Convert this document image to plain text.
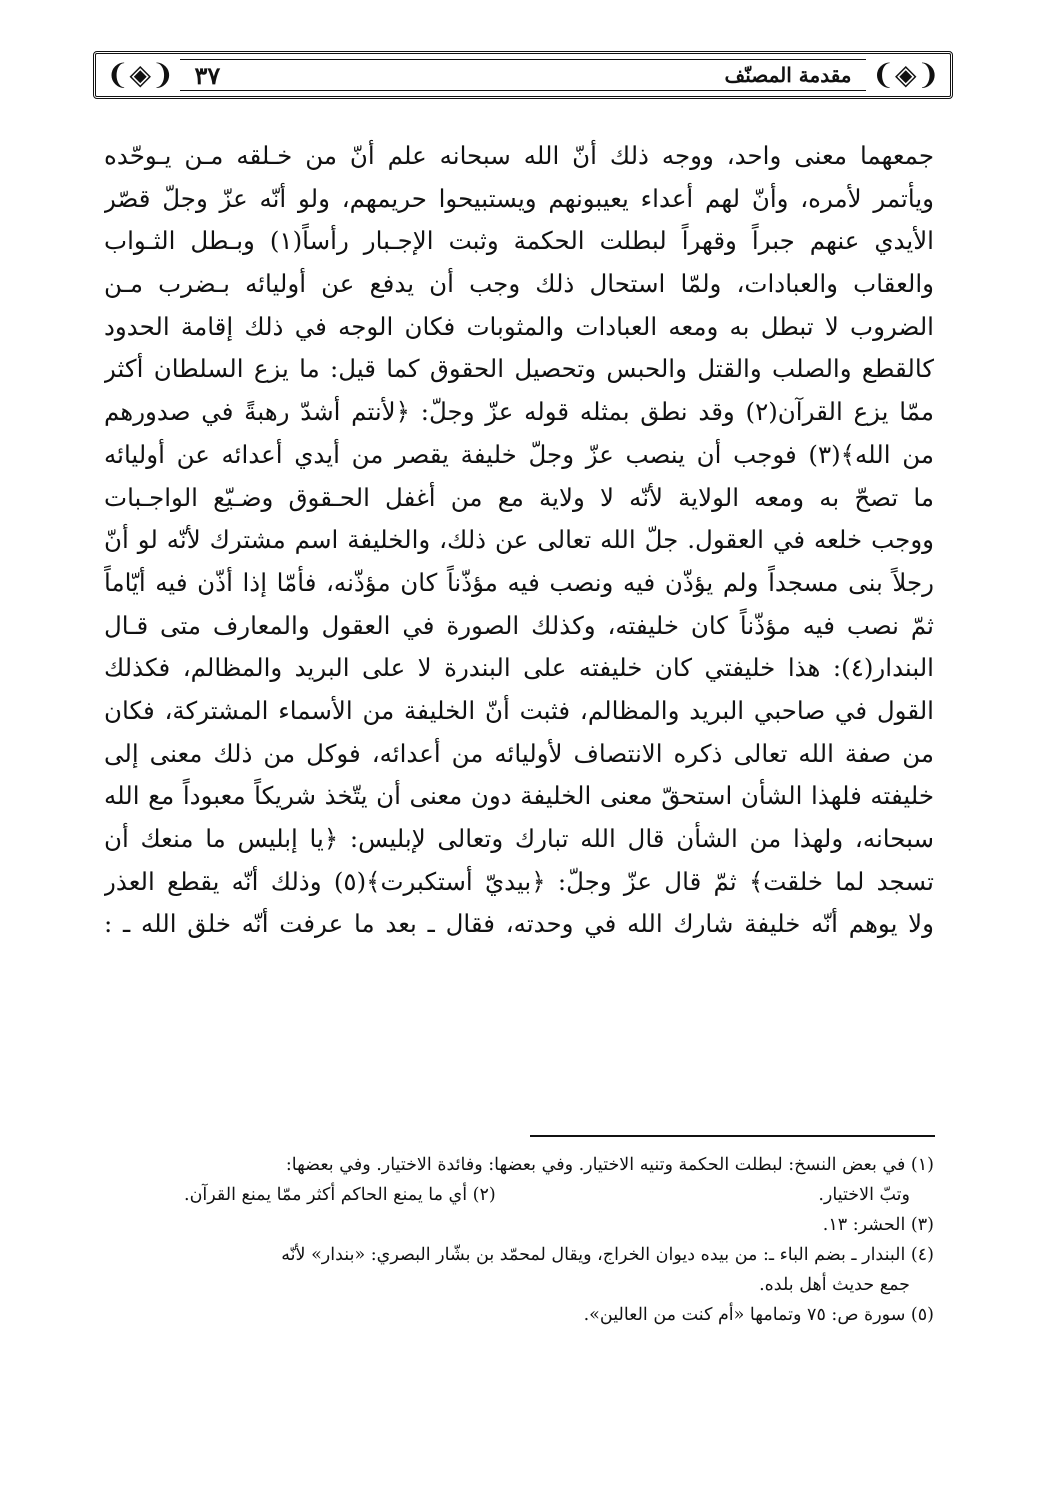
❨◈❩	مقدمة المصنّف
٣٧	❨◈❩
جمعهما معنى واحد، ووجه ذلك أنّ الله سبحانه علم أنّ من خـلقه مـن يـوحّده
ويأتمر لأمره، وأنّ لهم أعداء يعيبونهم ويستبيحوا حريمهم، ولو أنّه عزّ وجلّ قصّر
الأيدي عنهم جبراً وقهراً لبطلت الحكمة وثبت الإجـبار رأساً(١) وبـطل الثـواب
والعقاب والعبادات، ولمّا استحال ذلك وجب أن يدفع عن أوليائه بـضرب مـن
الضروب لا تبطل به ومعه العبادات والمثوبات فكان الوجه في ذلك إقامة الحدود
كالقطع والصلب والقتل والحبس وتحصيل الحقوق كما قيل: ما يزع السلطان أكثر
ممّا يزع القرآن(٢) وقد نطق بمثله قوله عزّ وجلّ: ﴿لأنتم أشدّ رهبةً في صدورهم
من الله﴾(٣) فوجب أن ينصب عزّ وجلّ خليفة يقصر من أيدي أعدائه عن أوليائه
ما تصحّ به ومعه الولاية لأنّه لا ولاية مع من أغفل الحـقوق وضـيّع الواجـبات
ووجب خلعه في العقول. جلّ الله تعالى عن ذلك، والخليفة اسم مشترك لأنّه لو أنّ
رجلاً بنى مسجداً ولم يؤذّن فيه ونصب فيه مؤذّناً كان مؤذّنه، فأمّا إذا أذّن فيه أيّاماً
ثمّ نصب فيه مؤذّناً كان خليفته، وكذلك الصورة في العقول والمعارف متى قـال
البندار(٤): هذا خليفتي كان خليفته على البندرة لا على البريد والمظالم، فكذلك
القول في صاحبي البريد والمظالم، فثبت أنّ الخليفة من الأسماء المشتركة، فكان
من صفة الله تعالى ذكره الانتصاف لأوليائه من أعدائه، فوكل من ذلك معنى إلى
خليفته فلهذا الشأن استحقّ معنى الخليفة دون معنى أن يتّخذ شريكاً معبوداً مع الله
سبحانه، ولهذا من الشأن قال الله تبارك وتعالى لإبليس: ﴿يا إبليس ما منعك أن
تسجد لما خلقت﴾ ثمّ قال عزّ وجلّ: ﴿بيديّ أستكبرت﴾(٥) وذلك أنّه يقطع العذر
ولا يوهم أنّه خليفة شارك الله في وحدته، فقال ـ بعد ما عرفت أنّه خلق الله ـ :
(١) في بعض النسخ: لبطلت الحكمة وتنيه الاختيار. وفي بعضها: وفائدة الاختيار. وفي بعضها:
وتبّ الاختيار.
(٢) أي ما يمنع الحاكم أكثر ممّا يمنع القرآن.
(٣) الحشر: ١٣.
(٤) البندار ـ بضم الباء ـ: من بيده ديوان الخراج، ويقال لمحمّد بن بشّار البصري: «بندار» لأنّه
جمع حديث أهل بلده.
(٥) سورة ص: ٧٥ وتمامها «أم كنت من العالين».
